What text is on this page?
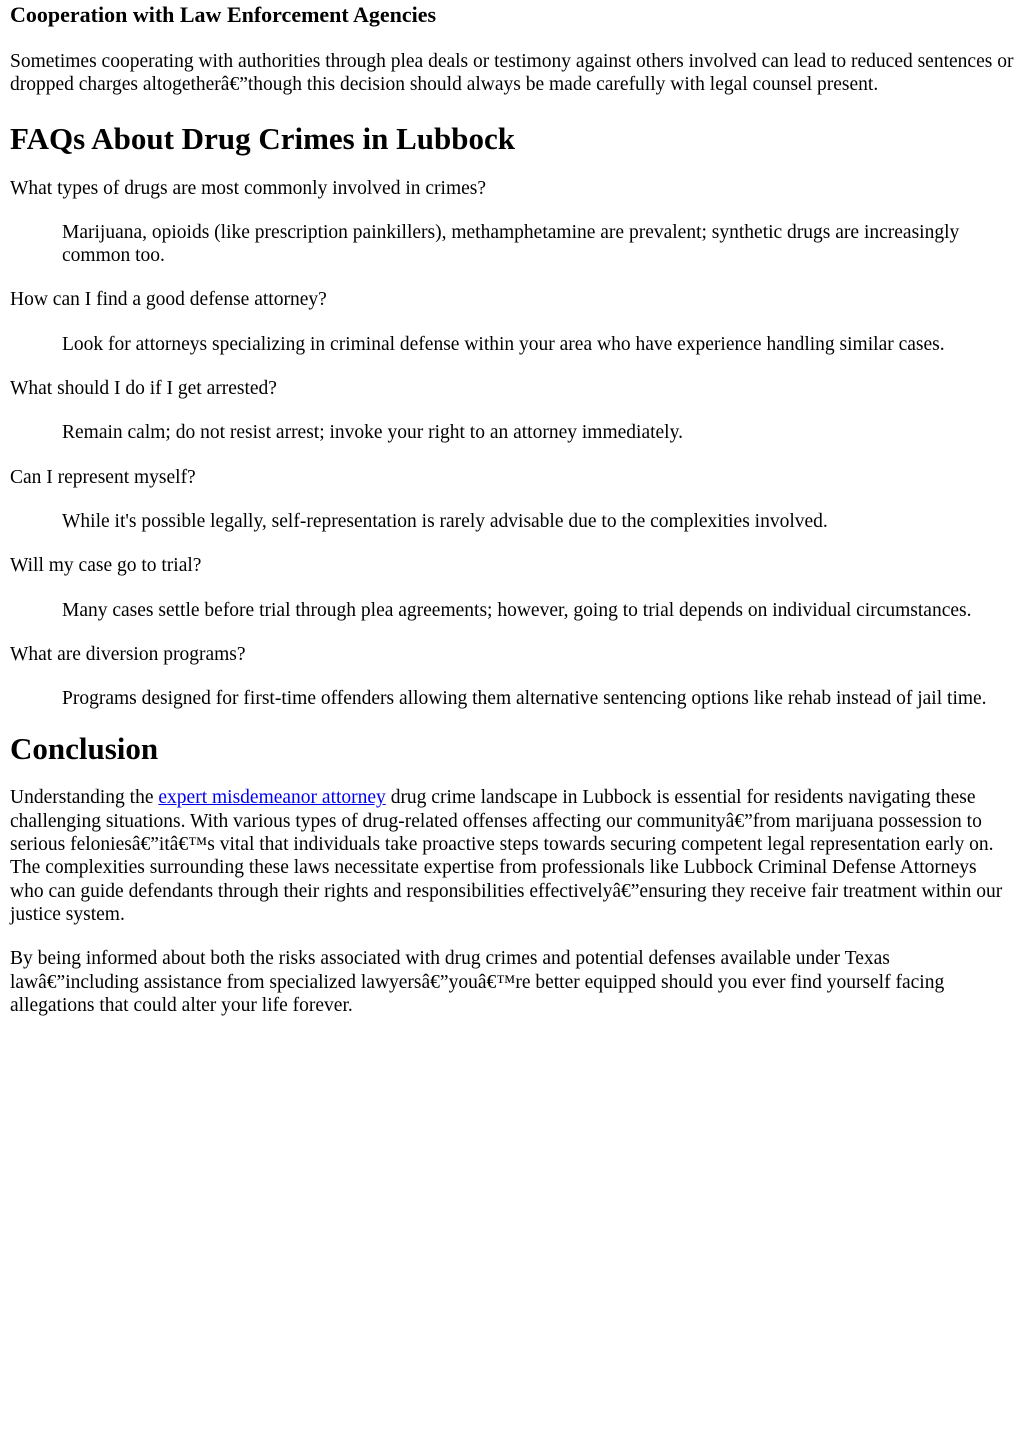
Cooperation with Law Enforcement Agencies

Sometimes cooperating with authorities through plea deals or testimony against others involved can lead to reduced sentences or dropped charges altogetherâ€”though this decision should always be made carefully with legal counsel present.

FAQs About Drug Crimes in Lubbock
What types of drugs are most commonly involved in crimes?
Marijuana, opioids (like prescription painkillers), methamphetamine are prevalent; synthetic drugs are increasingly common too.
How can I find a good defense attorney?
Look for attorneys specializing in criminal defense within your area who have experience handling similar cases.
What should I do if I get arrested?
Remain calm; do not resist arrest; invoke your right to an attorney immediately.
Can I represent myself?
While it's possible legally, self-representation is rarely advisable due to the complexities involved.
Will my case go to trial?
Many cases settle before trial through plea agreements; however, going to trial depends on individual circumstances.
What are diversion programs?
Programs designed for first-time offenders allowing them alternative sentencing options like rehab instead of jail time.
Conclusion

Understanding the expert misdemeanor attorney drug crime landscape in Lubbock is essential for residents navigating these challenging situations. With various types of drug-related offenses affecting our communityâ€”from marijuana possession to serious feloniesâ€”itâ€™s vital that individuals take proactive steps towards securing competent legal representation early on. The complexities surrounding these laws necessitate expertise from professionals like Lubbock Criminal Defense Attorneys who can guide defendants through their rights and responsibilities effectivelyâ€”ensuring they receive fair treatment within our justice system.

By being informed about both the risks associated with drug crimes and potential defenses available under Texas lawâ€”including assistance from specialized lawyersâ€”youâ€™re better equipped should you ever find yourself facing allegations that could alter your life forever.
